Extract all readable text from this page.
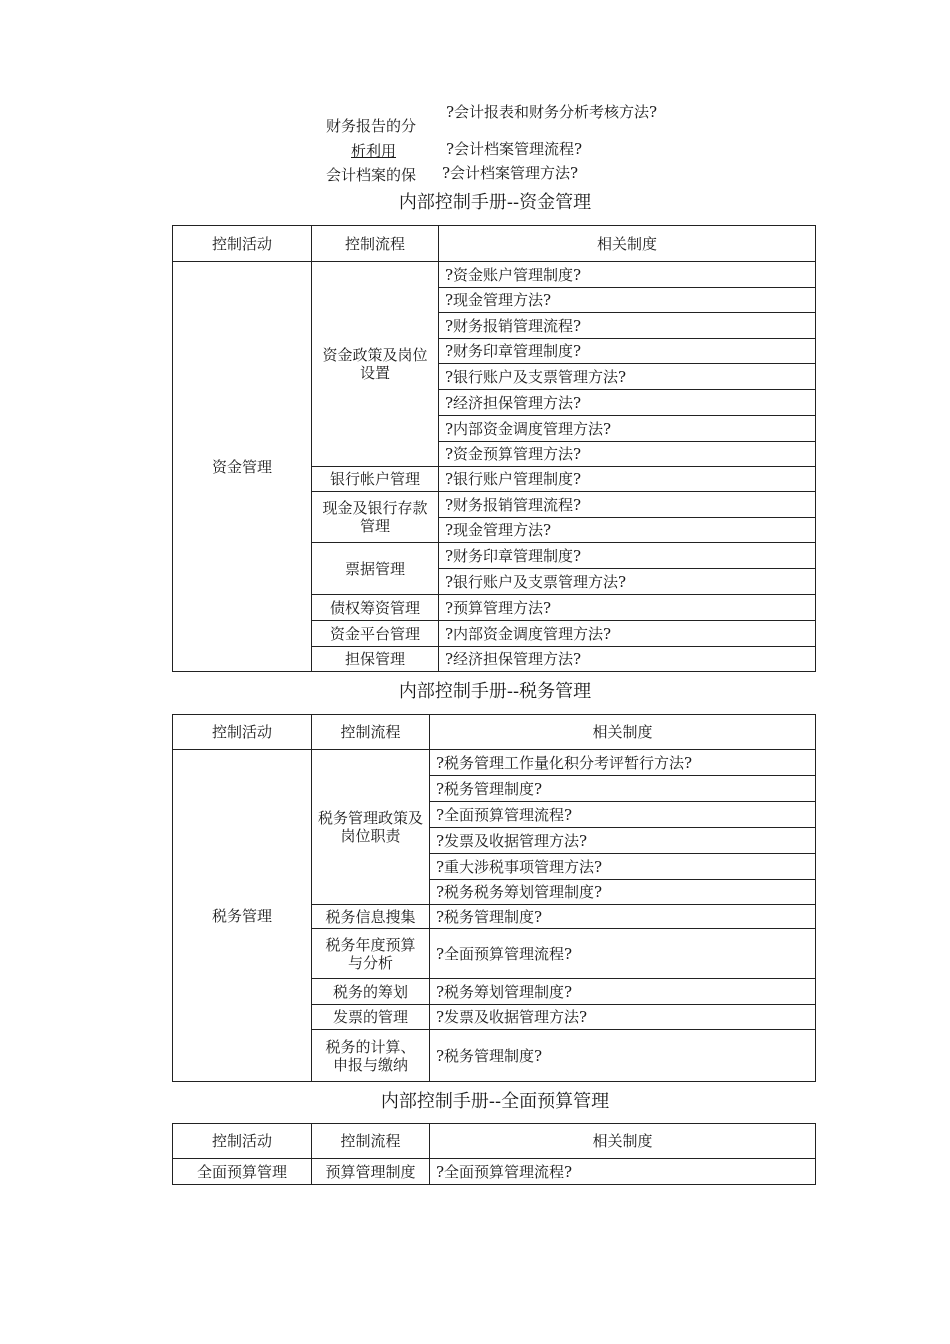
?会计报表和财务分析考核方法?
财务报告的分
析利用	?会计档案管理流程?
会计档案的保 ?会计档案管理方法?
内部控制手册--资金管理
控制活动	控制流程	相关制度
资金管理	资金政策及岗位设置	?资金账户管理制度?
		?现金管理方法?
		?财务报销管理流程?
		?财务印章管理制度?
		?银行账户及支票管理方法?
		?经济担保管理方法?
		?内部资金调度管理方法?
		?资金预算管理方法?
	银行帐户管理	?银行账户管理制度?
	现金及银行存款管理	?财务报销管理流程?
		?现金管理方法?
	票据管理	?财务印章管理制度?
		?银行账户及支票管理方法?
	债权筹资管理	?预算管理方法?
	资金平台管理	?内部资金调度管理方法?
	担保管理	?经济担保管理方法?
内部控制手册--税务管理
控制活动	控制流程	相关制度
税务管理	税务管理政策及岗位职责	?税务管理工作量化积分考评暂行方法?
		?税务管理制度?
		?全面预算管理流程?
		?发票及收据管理方法?
		?重大涉税事项管理方法?
		?税务税务筹划管理制度?
	税务信息搜集	?税务管理制度?
	税务年度预算与分析	?全面预算管理流程?
	税务的筹划	?税务筹划管理制度?
	发票的管理	?发票及收据管理方法?
	税务的计算、申报与缴纳	?税务管理制度?
内部控制手册--全面预算管理
控制活动	控制流程	相关制度
全面预算管理	预算管理制度	?全面预算管理流程?
